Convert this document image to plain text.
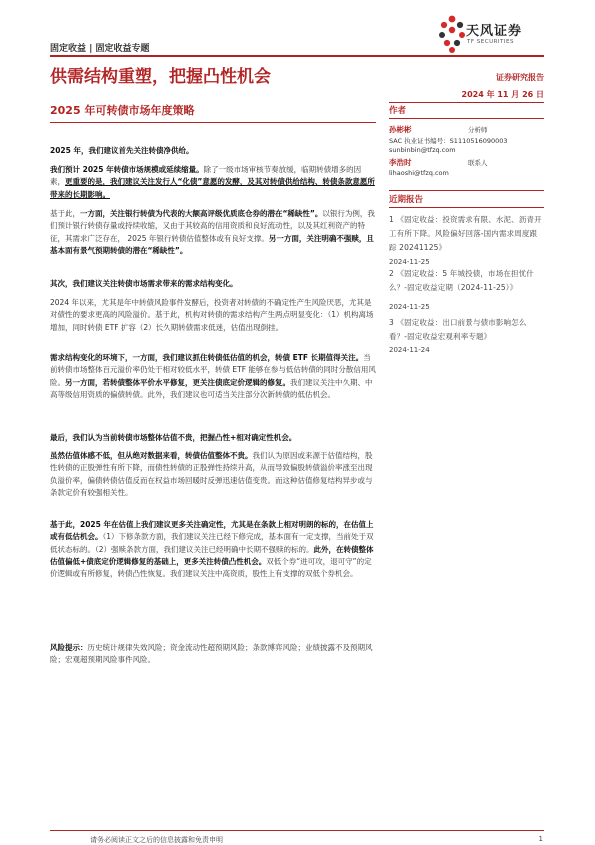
天风证券
TF SECURITIES
固定收益 | 固定收益专题
供需结构重塑，把握凸性机会
2025 年可转债市场年度策略
证券研究报告
2024 年 11 月 26 日
作者
孙彬彬	分析师
SAC 执业证书编号：S1110516090003
sunbinbin@tfzq.com
李浩时	联系人
lihaoshi@tfzq.com
近期报告
1 《固定收益：投资需求有限、水泥、沥青开工有所下降。风险偏好回落-国内需求周度跟踪 20241125》
2024-11-25
2 《固定收益：5 年城投债，市场在担忧什么？-固定收益定期（2024-11-25）》
2024-11-25
3 《固定收益：出口前景与债市影响怎么看？-固定收益宏观利率专题》
2024-11-24

2025 年，我们建议首先关注转债净供给。

我们预计 2025 年转债市场规模或延续缩量。除了一级市场审核节奏放缓，临期转债增多的因素，更重要的是，我们建议关注发行人“化债”意愿的发酵，及其对转债供给结构、转债条款意愿所带来的长期影响。

基于此，一方面，关注银行转债为代表的大额高评级优质底仓券的潜在“稀缺性”。以银行为例，我们预计银行转债存量或持续收缩，又由于其较高的信用资质和良好流动性，以及其红利资产的特征，其需求广泛存在， 2025 年银行转债估值整体或有良好支撑。另一方面，关注明确不强赎，且基本面有景气预期转债的潜在“稀缺性”。

其次，我们建议关注转债市场需求带来的需求结构变化。

2024 年以来，尤其是年中转债风险事件发酵后，投资者对转债的不确定性产生风险厌恶，尤其是对债性的要求更高的风险溢价。基于此，机构对转债的需求结构产生两点明显变化：（1）机构离场增加，同时转债 ETF 扩容（2）长久期转债需求低迷，估值出现倒挂。

需求结构变化的环境下，一方面，我们建议抓住转债低估值的机会，转债 ETF 长期值得关注。当前转债市场整体百元溢价率仍处于相对较低水平，转债 ETF 能够在参与低估转债的同时分散信用风险。另一方面，若转债整体平价水平修复，更关注债底定价逻辑的修复。我们建议关注中久期、中高等级信用资质的偏债转债。此外，我们建议也可适当关注部分次新转债的低估机会。

最后，我们认为当前转债市场整体估值不贵，把握凸性+相对确定性机会。

虽然估值体感不低，但从绝对数据来看，转债估值整体不贵。我们认为原因或来源于估值结构，股性转债的正股弹性有所下降，而债性转债的正股弹性持续升高，从而导致偏股转债溢价率涨至出现负溢价率，偏债转债估值反而在权益市场回暖时反弹迅速估值变贵。而这种估值修复结构异步或与条款定价有较强相关性。

基于此，2025 年在估值上我们建议更多关注确定性，尤其是在条款上相对明朗的标的，在估值上或有低估机会。（1）下修条款方面，我们建议关注已经下修完成，基本面有一定支撑，当前处于双低状态标的。（2）强赎条款方面，我们建议关注已经明确中长期不强赎的标的。此外，在转债整体估值偏低+债底定价逻辑修复的基础上，更多关注转债凸性机会。双低个券“进可攻，退可守”的定价逻辑或有所修复，转债凸性恢复。我们建议关注中高资质，股性上有支撑的双低个券机会。

风险提示：历史统计规律失效风险；资金流动性超预期风险；条款博弈风险；业绩披露不及预期风险；宏观超预期风险事件风险。

请务必阅读正文之后的信息披露和免责申明	1
